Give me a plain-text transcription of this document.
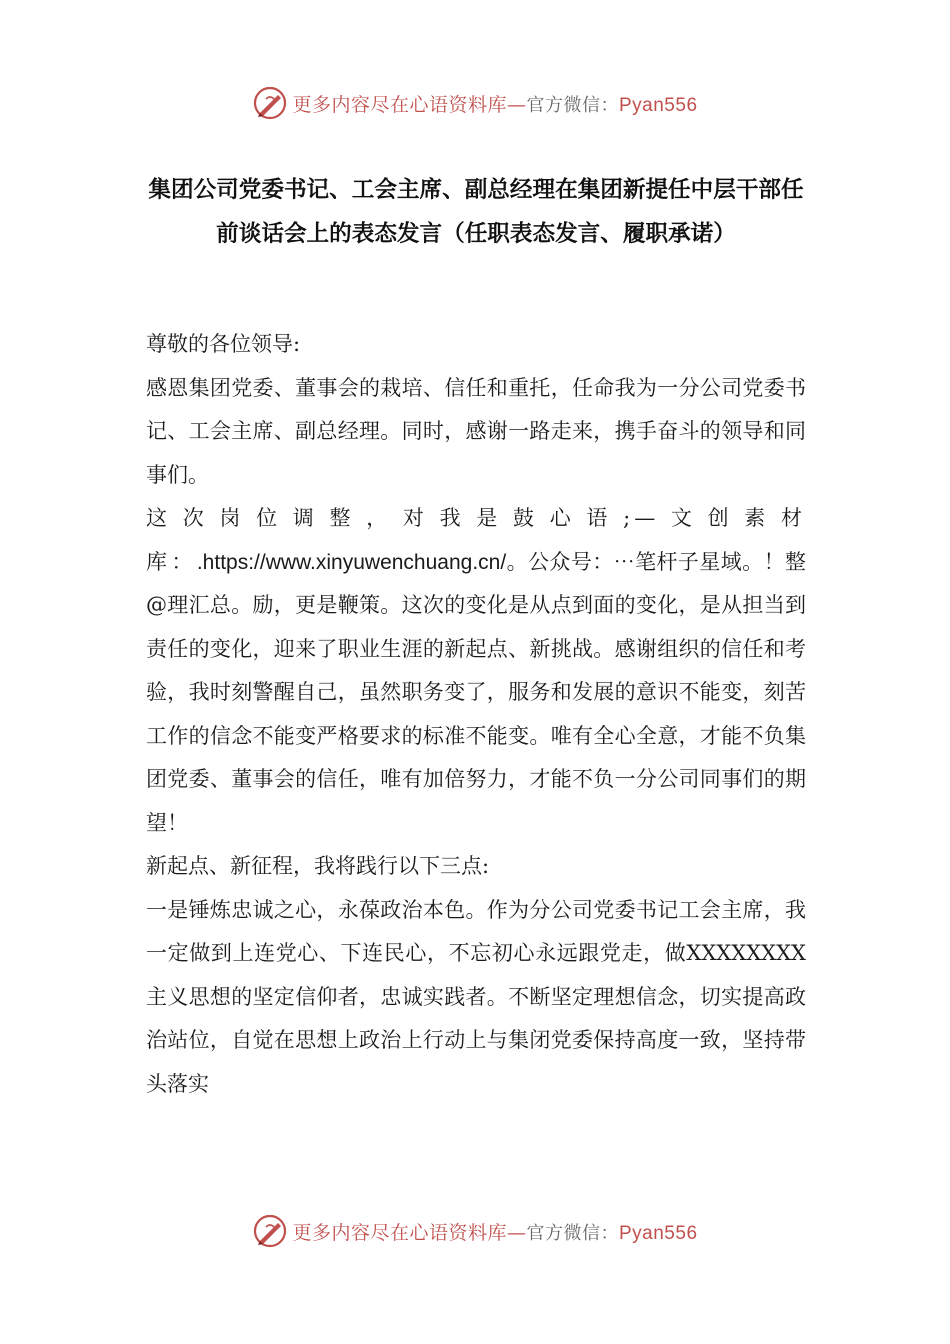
更多内容尽在心语资料库—官方微信：Pyan556
集团公司党委书记、工会主席、副总经理在集团新提任中层干部任前谈话会上的表态发言（任职表态发言、履职承诺）

尊敬的各位领导:

感恩集团党委、董事会的栽培、信任和重托，任命我为一分公司党委书记、工会主席、副总经理。同时，感谢一路走来，携手奋斗的领导和同事们。

这次岗位调整，对我是鼓心语;—文创素材库：.https://www.xinyuwenchuang.cn/。公众号：⋯笔杆子星域。！整@理汇总。励，更是鞭策。这次的变化是从点到面的变化，是从担当到责任的变化，迎来了职业生涯的新起点、新挑战。感谢组织的信任和考验，我时刻警醒自己，虽然职务变了，服务和发展的意识不能变，刻苦工作的信念不能变严格要求的标准不能变。唯有全心全意，才能不负集团党委、董事会的信任，唯有加倍努力，才能不负一分公司同事们的期望！

新起点、新征程，我将践行以下三点:

一是锤炼忠诚之心，永葆政治本色。作为分公司党委书记工会主席，我一定做到上连党心、下连民心，不忘初心永远跟党走，做XXXXXXXX主义思想的坚定信仰者，忠诚实践者。不断坚定理想信念，切实提高政治站位，自觉在思想上政治上行动上与集闭党委保持高度一致，坚持带头落实

更多内容尽在心语资料库—官方微信：Pyan556
